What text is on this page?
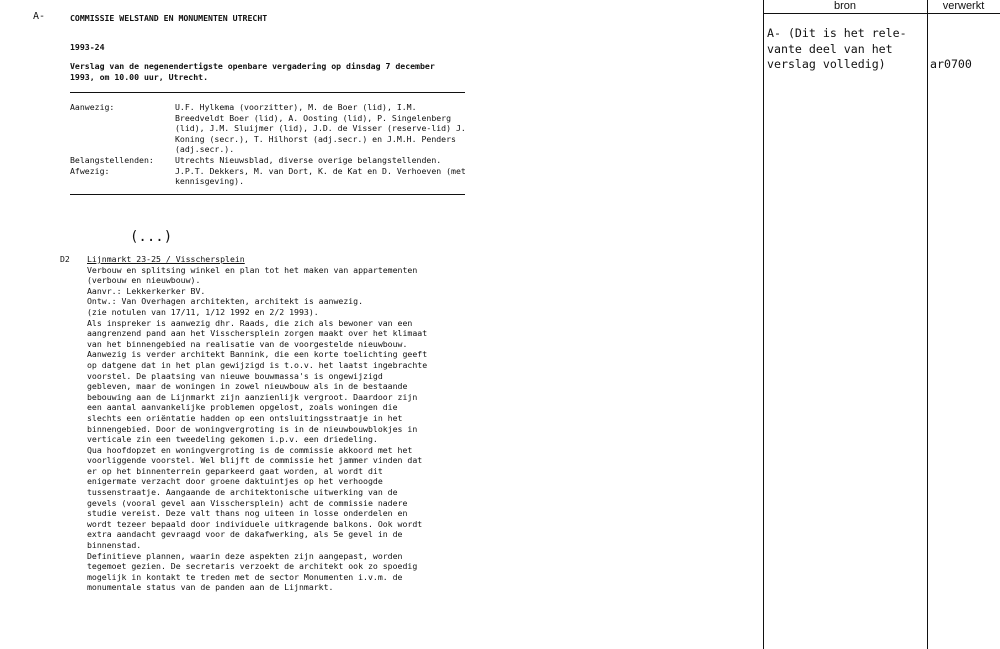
A-	COMMISSIE WELSTAND EN MONUMENTEN UTRECHT
1993-24
Verslag van de negenendertigste openbare vergadering op dinsdag 7 december
1993, om 10.00 uur, Utrecht.
Aanwezig:	U.F. Hylkema (voorzitter), M. de Boer (lid), I.M.
Breedveldt Boer (lid), A. Oosting (lid), P. Singelenberg
(lid), J.M. Sluijmer (lid), J.D. de Visser (reserve-lid) J.
Koning (secr.), T. Hilhorst (adj.secr.) en J.M.H. Penders
(adj.secr.).
Belangstellenden:	Utrechts Nieuwsblad, diverse overige belangstellenden.
Afwezig:	J.P.T. Dekkers, M. van Dort, K. de Kat en D. Verhoeven (met
kennisgeving).
(...)
D2 Lijnmarkt 23-25 / Visschersplein
Verbouw en splitsing winkel en plan tot het maken van appartementen
(verbouw en nieuwbouw).
Aanvr.: Lekkerkerker BV.
Ontw.: Van Overhagen architekten, architekt is aanwezig.
(zie notulen van 17/11, 1/12 1992 en 2/2 1993).
Als inspreker is aanwezig dhr. Raads, die zich als bewoner van een
aangrenzend pand aan het Visschersplein zorgen maakt over het klimaat
van het binnengebied na realisatie van de voorgestelde nieuwbouw.
Aanwezig is verder architekt Bannink, die een korte toelichting geeft
op datgene dat in het plan gewijzigd is t.o.v. het laatst ingebrachte
voorstel. De plaatsing van nieuwe bouwmassa's is ongewijzigd
gebleven, maar de woningen in zowel nieuwbouw als in de bestaande
bebouwing aan de Lijnmarkt zijn aanzienlijk vergroot. Daardoor zijn
een aantal aanvankelijke problemen opgelost, zoals woningen die
slechts een oriëntatie hadden op een ontsluitingsstraatje in het
binnengebied. Door de woningvergroting is in de nieuwbouwblokjes in
verticale zin een tweedeling gekomen i.p.v. een driedeling.
Qua hoofdopzet en woningvergroting is de commissie akkoord met het
voorliggende voorstel. Wel blijft de commissie het jammer vinden dat
er op het binnenterrein geparkeerd gaat worden, al wordt dit
enigermate verzacht door groene daktuintjes op het verhoogde
tussenstraatje. Aangaande de architektonische uitwerking van de
gevels (vooral gevel aan Visschersplein) acht de commissie nadere
studie vereist. Deze valt thans nog uiteen in losse onderdelen en
wordt tezeer bepaald door individuele uitkragende balkons. Ook wordt
extra aandacht gevraagd voor de dakafwerking, als 5e gevel in de
binnenstad.
Definitieve plannen, waarin deze aspekten zijn aangepast, worden
tegemoet gezien. De secretaris verzoekt de architekt ook zo spoedig
mogelijk in kontakt te treden met de sector Monumenten i.v.m. de
monumentale status van de panden aan de Lijnmarkt.
bron	verwerkt
A- (Dit is het rele-
vante deel van het
verslag volledig)	ar0700
